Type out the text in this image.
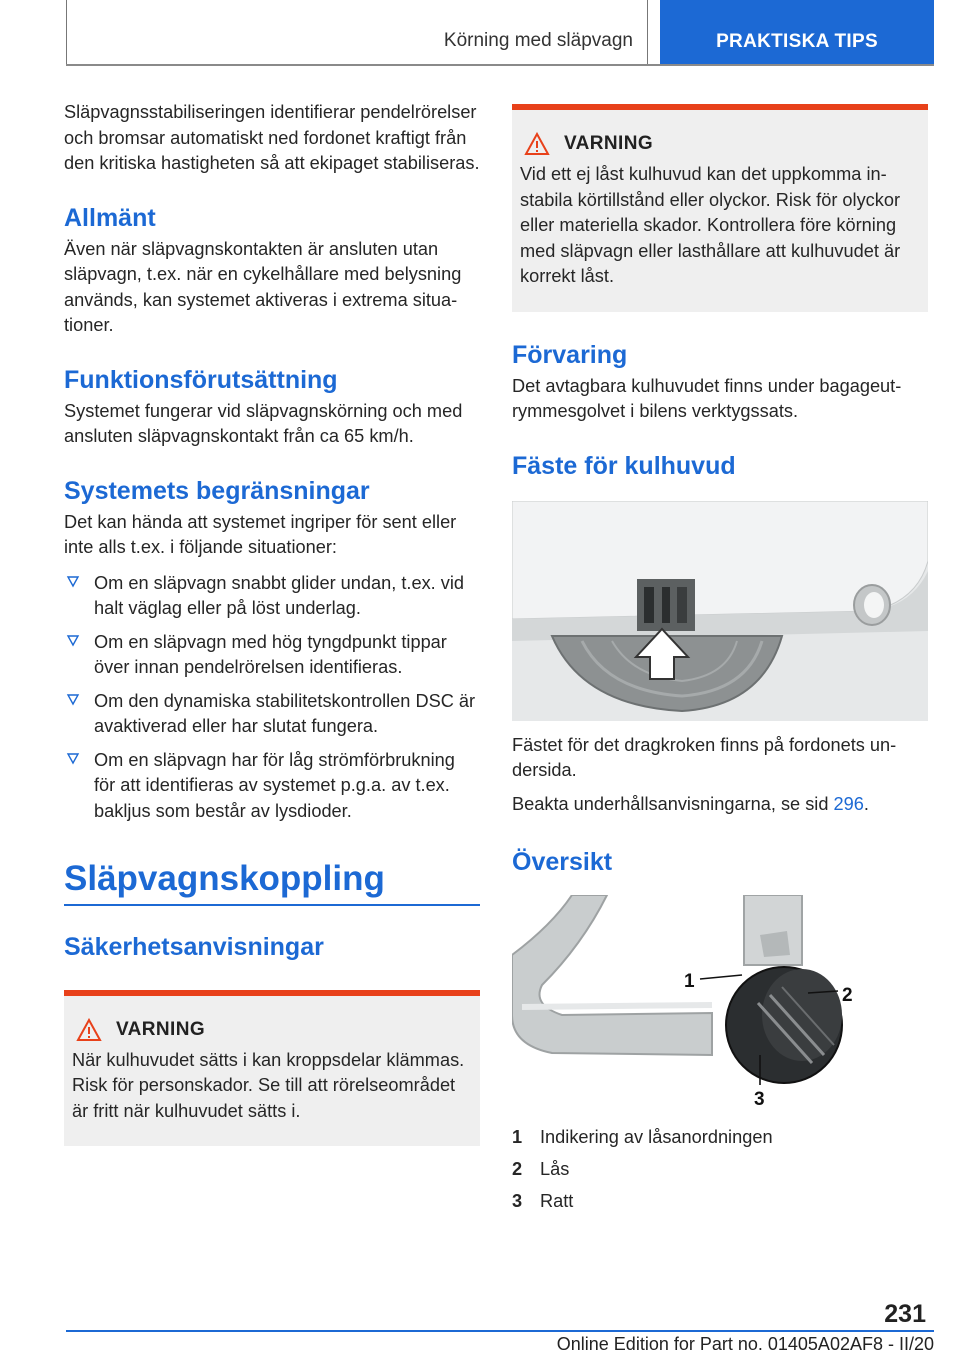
Körning med släpvagn	PRAKTISKA TIPS

Släpvagnsstabiliseringen identifierar pendelrörelser och bromsar automatiskt ned fordonet kraftigt från den kritiska hastigheten så att ekipaget stabiliseras.

Allmänt

Även när släpvagnskontakten är ansluten utan släpvagn, t.ex. när en cykelhållare med belysning används, kan systemet aktiveras i extrema situationer.

Funktionsförutsättning

Systemet fungerar vid släpvagnskörning och med ansluten släpvagnskontakt från ca 65 km/h.

Systemets begränsningar

Det kan hända att systemet ingriper för sent eller inte alls t.ex. i följande situationer:

Om en släpvagn snabbt glider undan, t.ex. vid halt väglag eller på löst underlag.
Om en släpvagn med hög tyngdpunkt tippar över innan pendelrörelsen identifieras.
Om den dynamiska stabilitetskontrollen DSC är avaktiverad eller har slutat fungera.
Om en släpvagn har för låg strömförbrukning för att identifieras av systemet p.g.a. av t.ex. bakljus som består av lysdioder.
Släpvagnskoppling
Säkerhetsanvisningar
VARNING

När kulhuvudet sätts i kan kroppsdelar klämmas. Risk för personskador. Se till att rörelseområdet är fritt när kulhuvudet sätts i.

VARNING

Vid ett ej låst kulhuvud kan det uppkomma instabila körtillstånd eller olyckor. Risk för olyckor eller materiella skador. Kontrollera före körning med släpvagn eller lasthållare att kulhuvudet är korrekt låst.

Förvaring

Det avtagbara kulhuvudet finns under bagageutrymmesgolvet i bilens verktygssats.

Fäste för kulhuvud

Fästet för det dragkroken finns på fordonets undersida.

Beakta underhållsanvisningarna, se sid 296.

Översikt
1
2
3
1 Indikering av låsanordningen
2 Lås
3 Ratt
231
Online Edition for Part no. 01405A02AF8 - II/20
